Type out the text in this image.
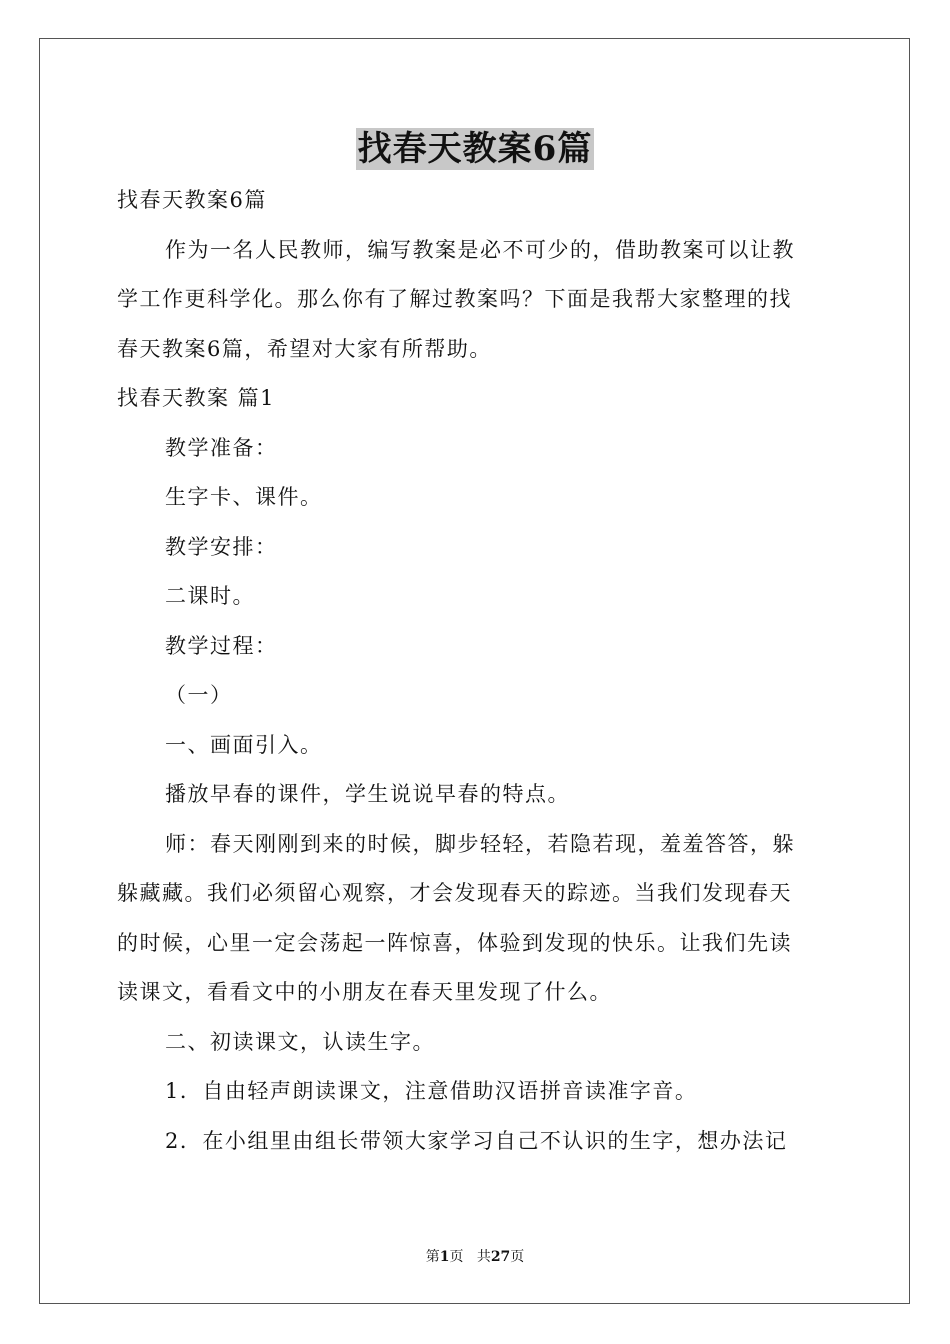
找春天教案6篇
找春天教案6篇
作为一名人民教师，编写教案是必不可少的，借助教案可以让教
学工作更科学化。那么你有了解过教案吗？下面是我帮大家整理的找
春天教案6篇，希望对大家有所帮助。
找春天教案 篇1
教学准备：
生字卡、课件。
教学安排：
二课时。
教学过程：
（一）
一、画面引入。
播放早春的课件，学生说说早春的特点。
师：春天刚刚到来的时候，脚步轻轻，若隐若现，羞羞答答，躲
躲藏藏。我们必须留心观察，才会发现春天的踪迹。当我们发现春天
的时候，心里一定会荡起一阵惊喜，体验到发现的快乐。让我们先读
读课文，看看文中的小朋友在春天里发现了什么。
二、初读课文，认读生字。
1．自由轻声朗读课文，注意借助汉语拼音读准字音。
2．在小组里由组长带领大家学习自己不认识的生字，想办法记
第1页 共27页
